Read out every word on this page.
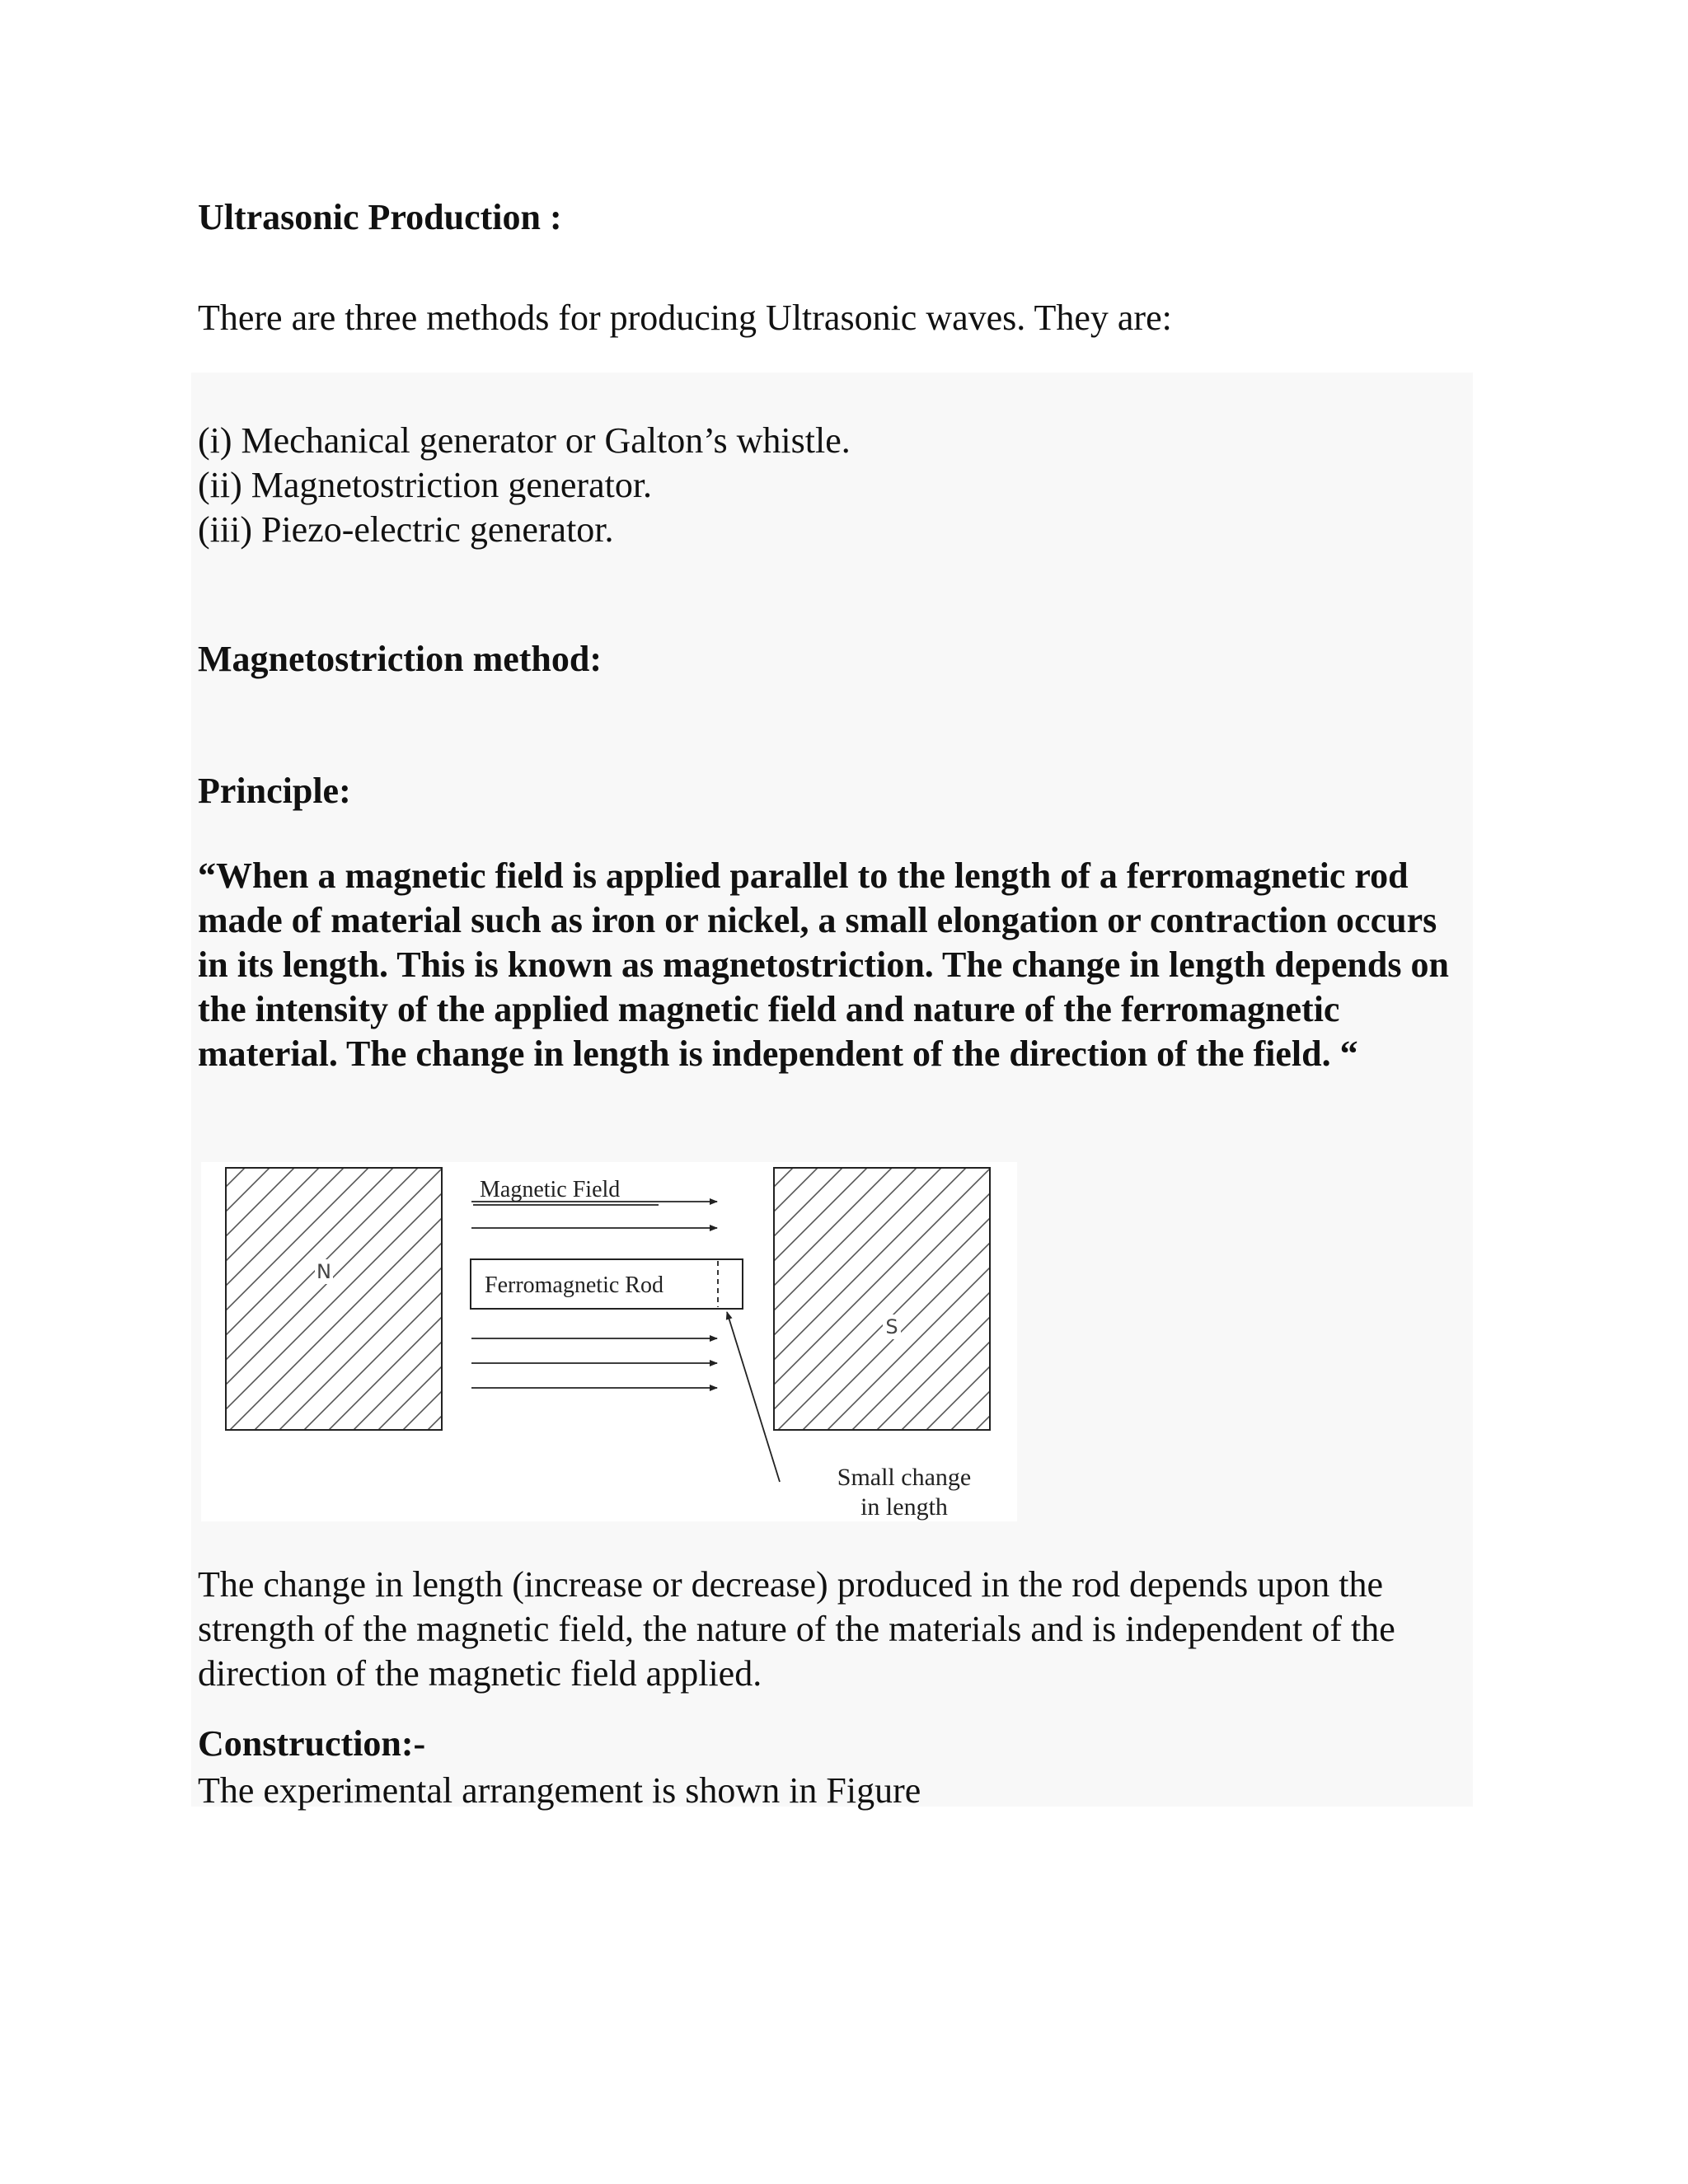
Ultrasonic Production :

There are three methods for producing Ultrasonic waves. They are:

(i) Mechanical generator or Galton’s whistle.
(ii) Magnetostriction generator.
(iii) Piezo-electric generator.
Magnetostriction method:
Principle:

“When a magnetic field is applied parallel to the length of a ferromagnetic rod made of material such as iron or nickel, a small elongation or contraction occurs in its length. This is known as magnetostriction. The change in length depends on the intensity of the applied magnetic field and nature of the ferromagnetic material. The change in length is independent of the direction of the field. “

N
S
Magnetic Field
Ferromagnetic Rod
Small change
in length

The change in length (increase or decrease) produced in the rod depends upon the strength of the magnetic field, the nature of the materials and is independent of the direction of the magnetic field applied.

Construction:-

The experimental arrangement is shown in Figure
